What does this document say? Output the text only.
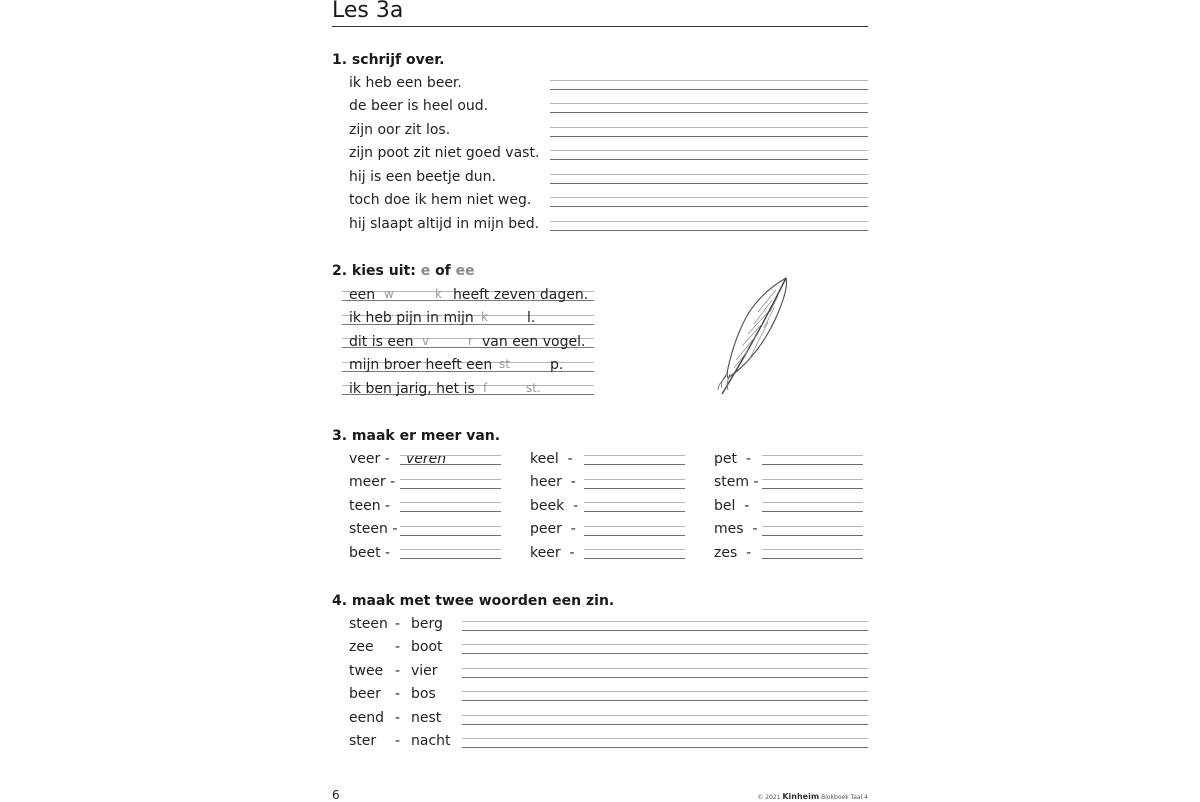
Les 3a
1. schrijf over.
ik heb een beer.
de beer is heel oud.
zijn oor zit los.
zijn poot zit niet goed vast.
hij is een beetje dun.
toch doe ik hem niet weg.
hij slaapt altijd in mijn bed.
2. kies uit: e of ee
een w	k heeft zeven dagen.
ik heb pijn in mijn k	l.
dit is een v	r van een vogel.
mijn broer heeft een st	p.
ik ben jarig, het is f	st.
3. maak er meer van.
veer - veren
meer -
teen -
steen -
beet -
keel  -
heer  -
beek  -
peer  -
keer  -
pet  -
stem -
bel  -
mes  -
zes  -
4. maak met twee woorden een zin.
steen - berg
zee - boot
twee - vier
beer - bos
eend - nest
ster - nacht
6	© 2021 Kinheim Blokboek Taal 4
